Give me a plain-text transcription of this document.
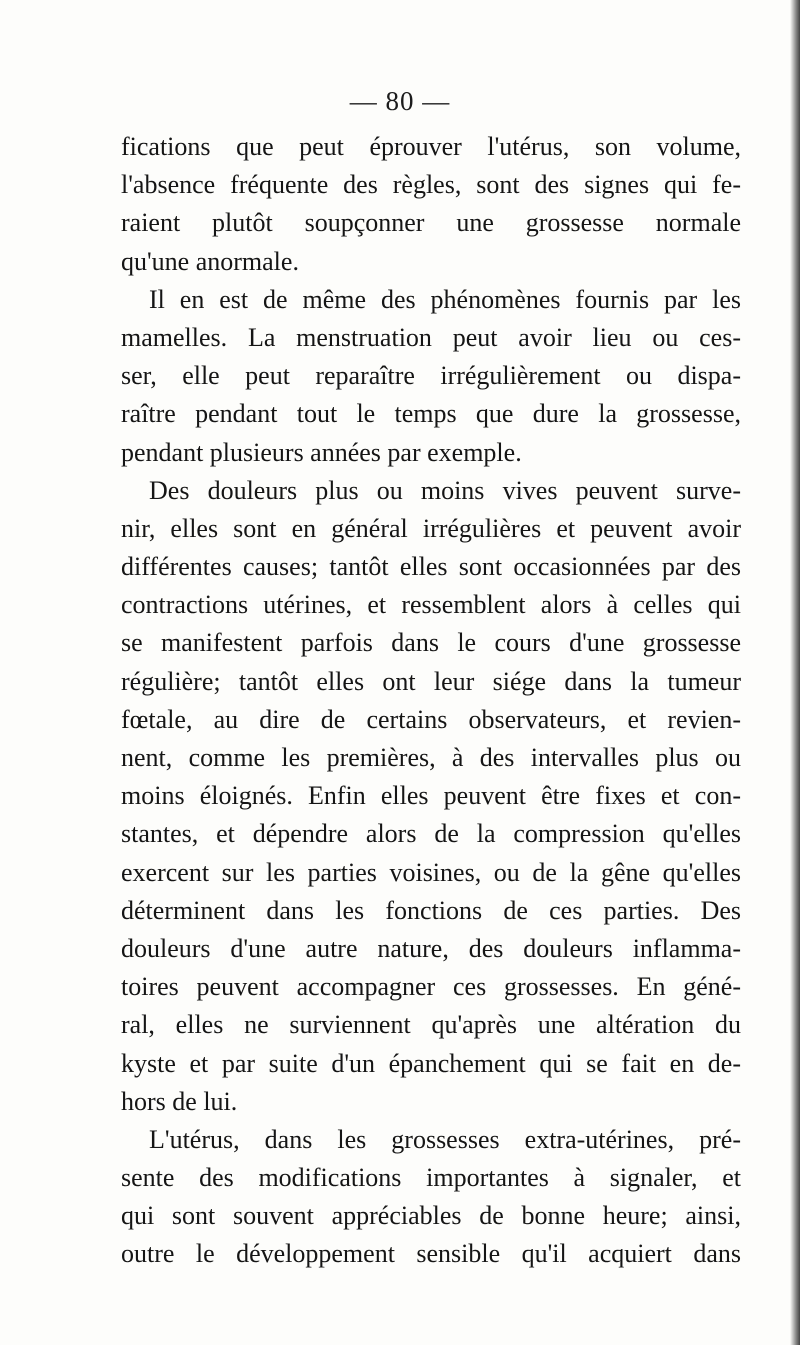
— 80 —
fications que peut éprouver l'utérus, son volume,
l'absence fréquente des règles, sont des signes qui fe-
raient plutôt soupçonner une grossesse normale
qu'une anormale.
Il en est de même des phénomènes fournis par les
mamelles. La menstruation peut avoir lieu ou ces-
ser, elle peut reparaître irrégulièrement ou dispa-
raître pendant tout le temps que dure la grossesse,
pendant plusieurs années par exemple.
Des douleurs plus ou moins vives peuvent surve-
nir, elles sont en général irrégulières et peuvent avoir
différentes causes; tantôt elles sont occasionnées par des
contractions utérines, et ressemblent alors à celles qui
se manifestent parfois dans le cours d'une grossesse
régulière; tantôt elles ont leur siége dans la tumeur
fœtale, au dire de certains observateurs, et revien-
nent, comme les premières, à des intervalles plus ou
moins éloignés. Enfin elles peuvent être fixes et con-
stantes, et dépendre alors de la compression qu'elles
exercent sur les parties voisines, ou de la gêne qu'elles
déterminent dans les fonctions de ces parties. Des
douleurs d'une autre nature, des douleurs inflamma-
toires peuvent accompagner ces grossesses. En géné-
ral, elles ne surviennent qu'après une altération du
kyste et par suite d'un épanchement qui se fait en de-
hors de lui.
L'utérus, dans les grossesses extra-utérines, pré-
sente des modifications importantes à signaler, et
qui sont souvent appréciables de bonne heure; ainsi,
outre le développement sensible qu'il acquiert dans
